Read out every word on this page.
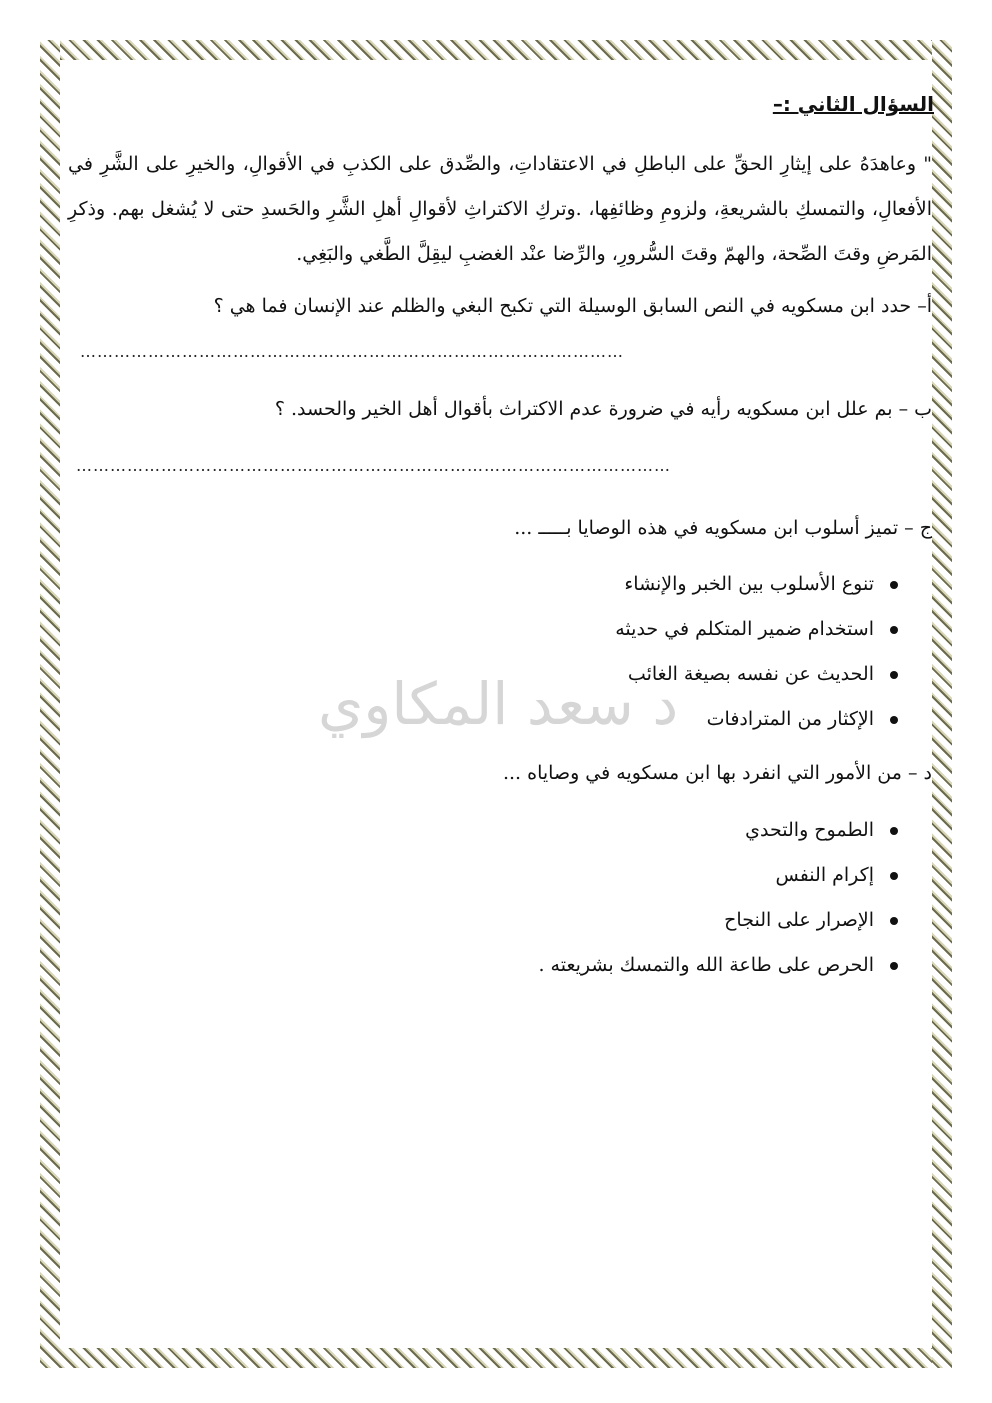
د سعد المكاوي
السؤال الثاني :–
" وعاهدَهُ على إيثارِ الحقِّ على الباطلِ في الاعتقاداتِ، والصِّدق على الكذبِ في الأقوالِ، والخيرِ على الشَّرِ في الأفعالِ، والتمسكِ بالشريعةِ، ولزومِ وظائفِها، .وتركِ الاكتراثِ لأقوالِ أهلِ الشَّرِ والحَسدِ حتى لا يُشغل بهم. وذكرِ المَرضِ وقتَ الصِّحة، والهمّ وقتَ السُّرورِ، والرِّضا عنْد الغضبِ ليقِلَّ الطَّغي والبَغِي.
أ– حدد ابن مسكويه في النص السابق الوسيلة التي تكبح البغي والظلم عند الإنسان فما هي ؟
……………………………………………………………………………………
ب – بم علل ابن مسكويه رأيه في ضرورة عدم الاكتراث بأقوال أهل الخير والحسد. ؟
……………………………………………………………………………………………
ج – تميز أسلوب ابن مسكويه في هذه الوصايا بـــــ ...
تنوع الأسلوب بين الخبر والإنشاء
استخدام ضمير المتكلم في حديثه
الحديث عن نفسه بصيغة الغائب
الإكثار من المترادفات
د – من الأمور التي انفرد بها ابن مسكويه في وصاياه ...
الطموح والتحدي
إكرام النفس
الإصرار على النجاح
الحرص على طاعة الله والتمسك بشريعته .
